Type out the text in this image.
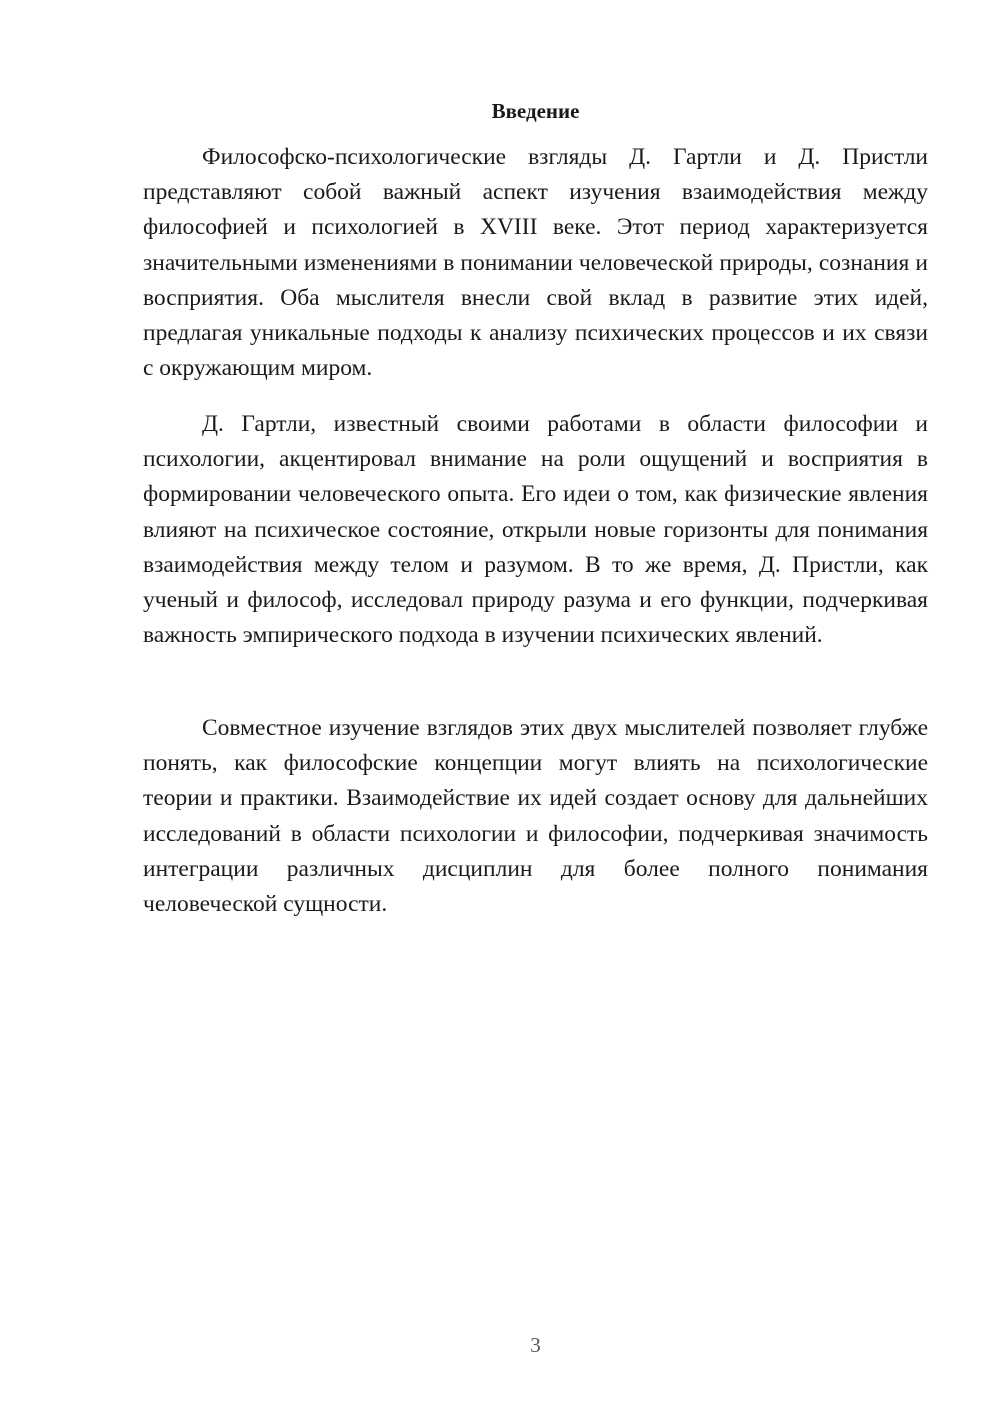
Введение

Философско-психологические взгляды Д. Гартли и Д. Пристли представляют собой важный аспект изучения взаимодействия между философией и психологией в XVIII веке. Этот период характеризуется значительными изменениями в понимании человеческой природы, сознания и восприятия. Оба мыслителя внесли свой вклад в развитие этих идей, предлагая уникальные подходы к анализу психических процессов и их связи с окружающим миром.

Д. Гартли, известный своими работами в области философии и психологии, акцентировал внимание на роли ощущений и восприятия в формировании человеческого опыта. Его идеи о том, как физические явления влияют на психическое состояние, открыли новые горизонты для понимания взаимодействия между телом и разумом. В то же время, Д. Пристли, как ученый и философ, исследовал природу разума и его функции, подчеркивая важность эмпирического подхода в изучении психических явлений.

Совместное изучение взглядов этих двух мыслителей позволяет глубже понять, как философские концепции могут влиять на психологические теории и практики. Взаимодействие их идей создает основу для дальнейших исследований в области психологии и философии, подчеркивая значимость интеграции различных дисциплин для более полного понимания человеческой сущности.

3
